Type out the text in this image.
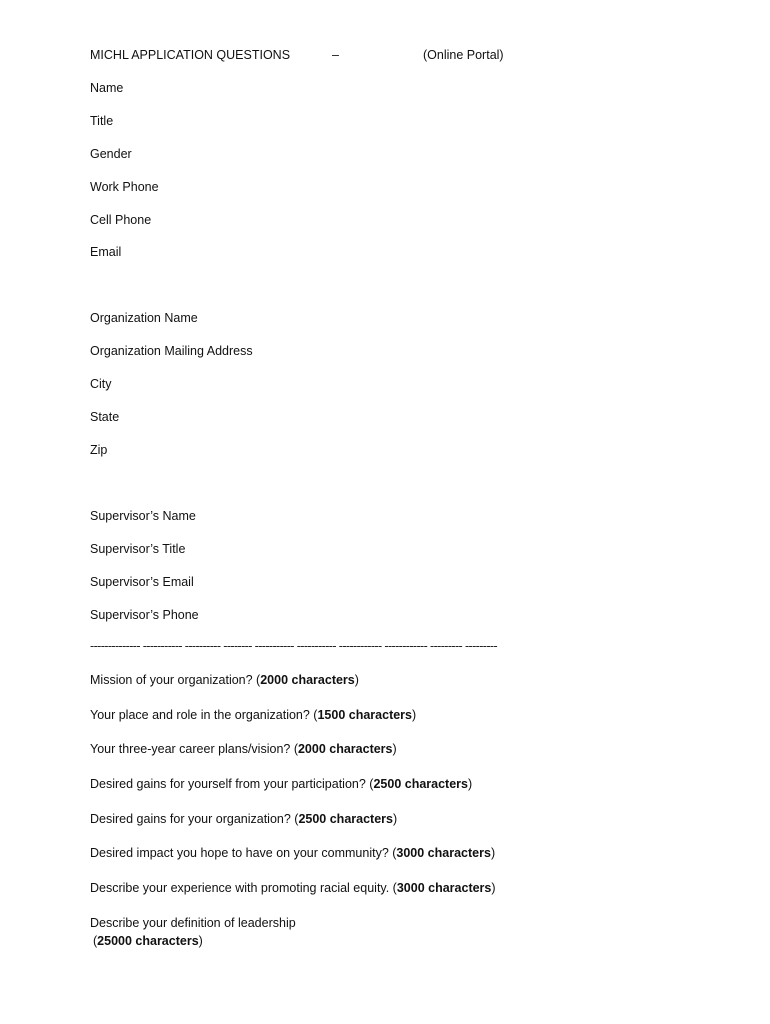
MICHL APPLICATION QUESTIONS	–	(Online Portal)
Name
Title
Gender
Work Phone
Cell Phone
Email
Organization Name
Organization Mailing Address
City
State
Zip
Supervisor’s Name
Supervisor’s Title
Supervisor’s Email
Supervisor’s Phone
-------------- ----------- ---------- -------- ----------- ----------- ------------ ------------ --------- ---------
Mission of your organization? (2000 characters)
Your place and role in the organization? (1500 characters)
Your three-year career plans/vision? (2000 characters)
Desired gains for yourself from your participation? (2500 characters)
Desired gains for your organization? (2500 characters)
Desired impact you hope to have on your community? (3000 characters)
Describe your experience with promoting racial equity. (3000 characters)
Describe your definition of leadership
(25000 characters)
